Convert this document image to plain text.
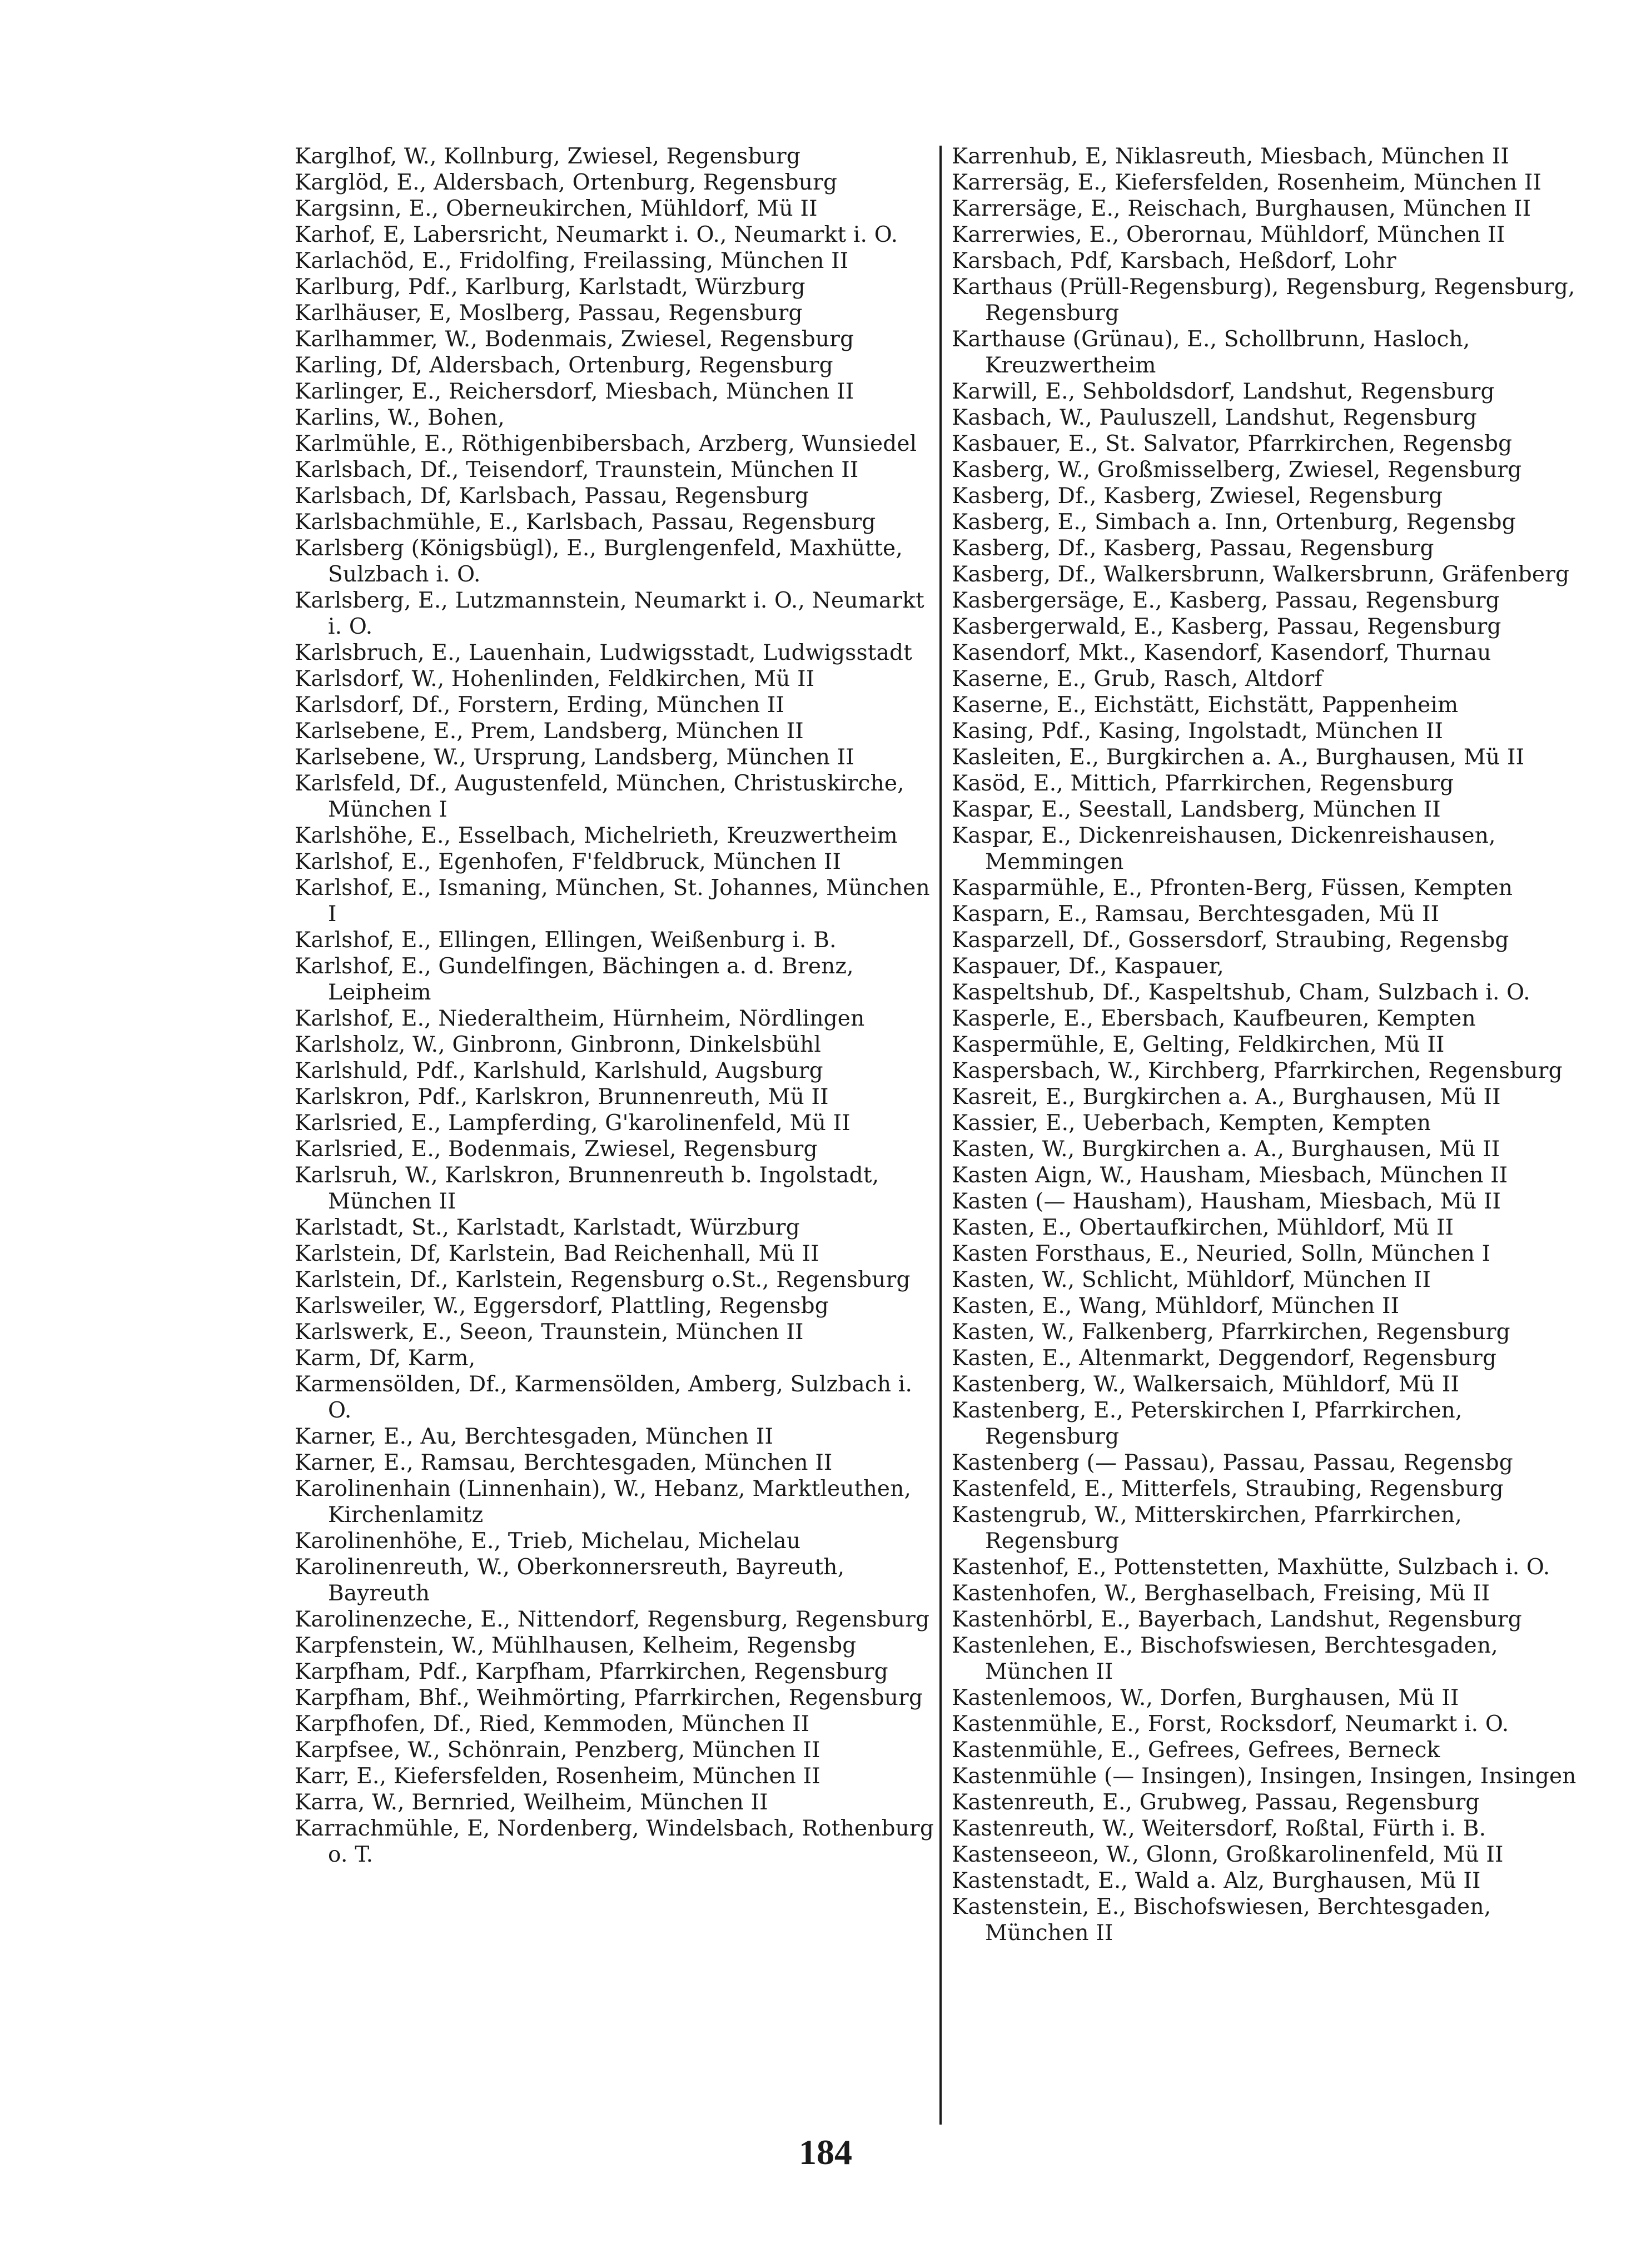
Karglhof, W., Kollnburg, Zwiesel, Regensburg
Karglöd, E., Aldersbach, Ortenburg, Regensburg
Kargsinn, E., Oberneukirchen, Mühldorf, Mü II
Karhof, E, Labersricht, Neumarkt i. O., Neumarkt i. O.
Karlachöd, E., Fridolfing, Freilassing, München II
Karlburg, Pdf., Karlburg, Karlstadt, Würzburg
Karlhäuser, E, Moslberg, Passau, Regensburg
Karlhammer, W., Bodenmais, Zwiesel, Regensburg
Karling, Df, Aldersbach, Ortenburg, Regensburg
Karlinger, E., Reichersdorf, Miesbach, München II
Karlins, W., Bohen,
Karlmühle, E., Röthigenbibersbach, Arzberg, Wunsiedel
Karlsbach, Df., Teisendorf, Traunstein, München II
Karlsbach, Df, Karlsbach, Passau, Regensburg
Karlsbachmühle, E., Karlsbach, Passau, Regensburg
Karlsberg (Königsbügl), E., Burglengenfeld, Maxhütte, Sulzbach i. O.
Karlsberg, E., Lutzmannstein, Neumarkt i. O., Neumarkt i. O.
Karlsbruch, E., Lauenhain, Ludwigsstadt, Ludwigsstadt
Karlsdorf, W., Hohenlinden, Feldkirchen, Mü II
Karlsdorf, Df., Forstern, Erding, München II
Karlsebene, E., Prem, Landsberg, München II
Karlsebene, W., Ursprung, Landsberg, München II
Karlsfeld, Df., Augustenfeld, München, Christuskirche, München I
Karlshöhe, E., Esselbach, Michelrieth, Kreuzwertheim
Karlshof, E., Egenhofen, F'feldbruck, München II
Karlshof, E., Ismaning, München, St. Johannes, München I
Karlshof, E., Ellingen, Ellingen, Weißenburg i. B.
Karlshof, E., Gundelfingen, Bächingen a. d. Brenz, Leipheim
Karlshof, E., Niederaltheim, Hürnheim, Nördlingen
Karlsholz, W., Ginbronn, Ginbronn, Dinkelsbühl
Karlshuld, Pdf., Karlshuld, Karlshuld, Augsburg
Karlskron, Pdf., Karlskron, Brunnenreuth, Mü II
Karlsried, E., Lampferding, G'karolinenfeld, Mü II
Karlsried, E., Bodenmais, Zwiesel, Regensburg
Karlsruh, W., Karlskron, Brunnenreuth b. Ingolstadt, München II
Karlstadt, St., Karlstadt, Karlstadt, Würzburg
Karlstein, Df, Karlstein, Bad Reichenhall, Mü II
Karlstein, Df., Karlstein, Regensburg o.St., Regensburg
Karlsweiler, W., Eggersdorf, Plattling, Regensbg
Karlswerk, E., Seeon, Traunstein, München II
Karm, Df, Karm,
Karmensölden, Df., Karmensölden, Amberg, Sulzbach i. O.
Karner, E., Au, Berchtesgaden, München II
Karner, E., Ramsau, Berchtesgaden, München II
Karolinenhain (Linnenhain), W., Hebanz, Marktleuthen, Kirchenlamitz
Karolinenhöhe, E., Trieb, Michelau, Michelau
Karolinenreuth, W., Oberkonnersreuth, Bayreuth, Bayreuth
Karolinenzeche, E., Nittendorf, Regensburg, Regensburg
Karpfenstein, W., Mühlhausen, Kelheim, Regensbg
Karpfham, Pdf., Karpfham, Pfarrkirchen, Regensburg
Karpfham, Bhf., Weihmörting, Pfarrkirchen, Regensburg
Karpfhofen, Df., Ried, Kemmoden, München II
Karpfsee, W., Schönrain, Penzberg, München II
Karr, E., Kiefersfelden, Rosenheim, München II
Karra, W., Bernried, Weilheim, München II
Karrachmühle, E, Nordenberg, Windelsbach, Rothenburg o. T.
Karrenhub, E, Niklasreuth, Miesbach, München II
Karrersäg, E., Kiefersfelden, Rosenheim, München II
Karrersäge, E., Reischach, Burghausen, München II
Karrerwies, E., Oberornau, Mühldorf, München II
Karsbach, Pdf, Karsbach, Heßdorf, Lohr
Karthaus (Prüll-Regensburg), Regensburg, Regensburg, Regensburg
Karthause (Grünau), E., Schollbrunn, Hasloch, Kreuzwertheim
Karwill, E., Sehboldsdorf, Landshut, Regensburg
Kasbach, W., Pauluszell, Landshut, Regensburg
Kasbauer, E., St. Salvator, Pfarrkirchen, Regensbg
Kasberg, W., Großmisselberg, Zwiesel, Regensburg
Kasberg, Df., Kasberg, Zwiesel, Regensburg
Kasberg, E., Simbach a. Inn, Ortenburg, Regensbg
Kasberg, Df., Kasberg, Passau, Regensburg
Kasberg, Df., Walkersbrunn, Walkersbrunn, Gräfenberg
Kasbergersäge, E., Kasberg, Passau, Regensburg
Kasbergerwald, E., Kasberg, Passau, Regensburg
Kasendorf, Mkt., Kasendorf, Kasendorf, Thurnau
Kaserne, E., Grub, Rasch, Altdorf
Kaserne, E., Eichstätt, Eichstätt, Pappenheim
Kasing, Pdf., Kasing, Ingolstadt, München II
Kasleiten, E., Burgkirchen a. A., Burghausen, Mü II
Kasöd, E., Mittich, Pfarrkirchen, Regensburg
Kaspar, E., Seestall, Landsberg, München II
Kaspar, E., Dickenreishausen, Dickenreishausen, Memmingen
Kasparmühle, E., Pfronten-Berg, Füssen, Kempten
Kasparn, E., Ramsau, Berchtesgaden, Mü II
Kasparzell, Df., Gossersdorf, Straubing, Regensbg
Kaspauer, Df., Kaspauer,
Kaspeltshub, Df., Kaspeltshub, Cham, Sulzbach i. O.
Kasperle, E., Ebersbach, Kaufbeuren, Kempten
Kaspermühle, E, Gelting, Feldkirchen, Mü II
Kaspersbach, W., Kirchberg, Pfarrkirchen, Regensburg
Kasreit, E., Burgkirchen a. A., Burghausen, Mü II
Kassier, E., Ueberbach, Kempten, Kempten
Kasten, W., Burgkirchen a. A., Burghausen, Mü II
Kasten Aign, W., Hausham, Miesbach, München II
Kasten (— Hausham), Hausham, Miesbach, Mü II
Kasten, E., Obertaufkirchen, Mühldorf, Mü II
Kasten Forsthaus, E., Neuried, Solln, München I
Kasten, W., Schlicht, Mühldorf, München II
Kasten, E., Wang, Mühldorf, München II
Kasten, W., Falkenberg, Pfarrkirchen, Regensburg
Kasten, E., Altenmarkt, Deggendorf, Regensburg
Kastenberg, W., Walkersaich, Mühldorf, Mü II
Kastenberg, E., Peterskirchen I, Pfarrkirchen, Regensburg
Kastenberg (— Passau), Passau, Passau, Regensbg
Kastenfeld, E., Mitterfels, Straubing, Regensburg
Kastengrub, W., Mitterskirchen, Pfarrkirchen, Regensburg
Kastenhof, E., Pottenstetten, Maxhütte, Sulzbach i. O.
Kastenhofen, W., Berghaselbach, Freising, Mü II
Kastenhörbl, E., Bayerbach, Landshut, Regensburg
Kastenlehen, E., Bischofswiesen, Berchtesgaden, München II
Kastenlemoos, W., Dorfen, Burghausen, Mü II
Kastenmühle, E., Forst, Rocksdorf, Neumarkt i. O.
Kastenmühle, E., Gefrees, Gefrees, Berneck
Kastenmühle (— Insingen), Insingen, Insingen, Insingen
Kastenreuth, E., Grubweg, Passau, Regensburg
Kastenreuth, W., Weitersdorf, Roßtal, Fürth i. B.
Kastenseeon, W., Glonn, Großkarolinenfeld, Mü II
Kastenstadt, E., Wald a. Alz, Burghausen, Mü II
Kastenstein, E., Bischofswiesen, Berchtesgaden, München II
184
